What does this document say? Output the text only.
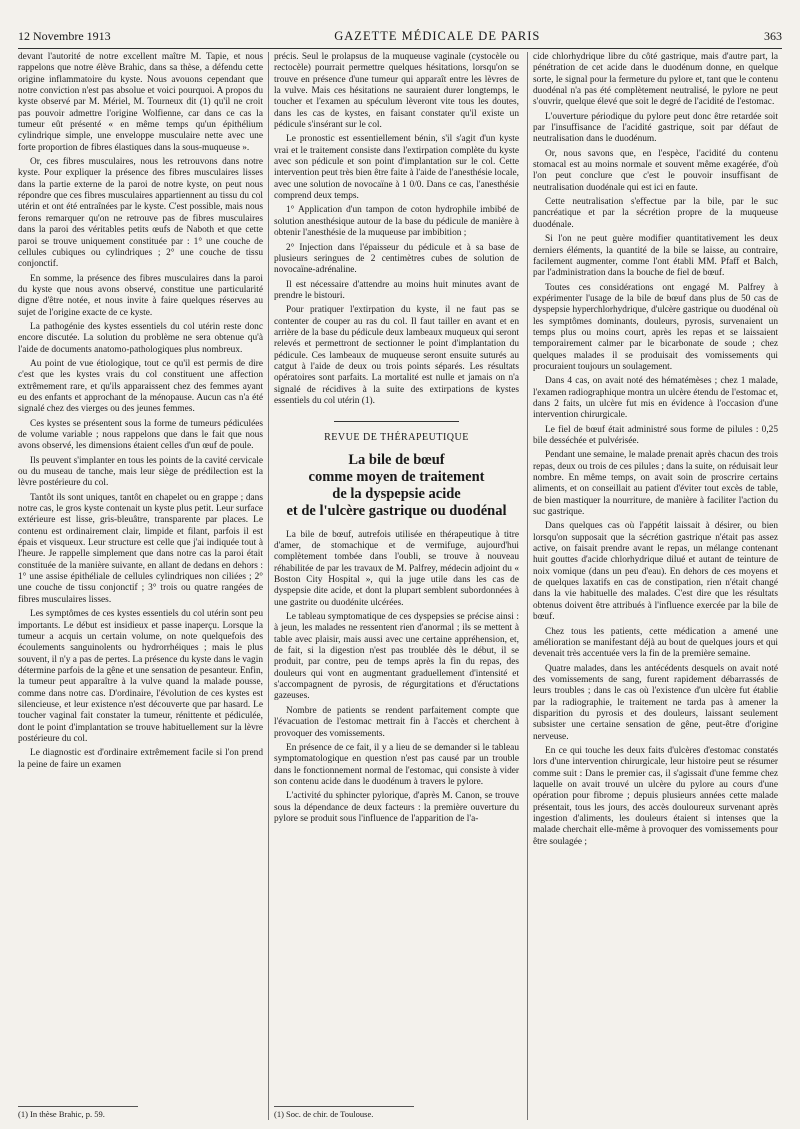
12 Novembre 1913	GAZETTE MÉDICALE DE PARIS	363

devant l'autorité de notre excellent maître M. Tapie, et nous rappelons que notre élève Brahic, dans sa thèse, a défendu cette origine inflammatoire du kyste. Nous avouons cependant que notre conviction n'est pas absolue et voici pourquoi. A propos du kyste observé par M. Mériel, M. Tourneux dit (1) qu'il ne croit pas pouvoir admettre l'origine Wolfienne, car dans ce cas la tumeur eût présenté « en même temps qu'un épithélium cylindrique simple, une enveloppe musculaire nette avec une forte proportion de fibres élastiques dans la sous-muqueuse ».

Or, ces fibres musculaires, nous les retrouvons dans notre kyste. Pour expliquer la présence des fibres musculaires lisses dans la partie externe de la paroi de notre kyste, on peut nous répondre que ces fibres musculaires appartiennent au tissu du col utérin et ont été entraînées par le kyste. C'est possible, mais nous ferons remarquer qu'on ne retrouve pas de fibres musculaires dans la paroi des véritables petits œufs de Naboth et que cette paroi se trouve uniquement constituée par : 1° une couche de cellules cubiques ou cylindriques ; 2° une couche de tissu conjonctif.

En somme, la présence des fibres musculaires dans la paroi du kyste que nous avons observé, constitue une particularité digne d'être notée, et nous invite à faire quelques réserves au sujet de l'origine exacte de ce kyste.

La pathogénie des kystes essentiels du col utérin reste donc encore discutée. La solution du problème ne sera obtenue qu'à l'aide de documents anatomo-pathologiques plus nombreux.

Au point de vue étiologique, tout ce qu'il est permis de dire c'est que les kystes vrais du col constituent une affection extrêmement rare, et qu'ils apparaissent chez des femmes ayant eu des enfants et approchant de la ménopause. Aucun cas n'a été signalé chez des vierges ou des jeunes femmes.

Ces kystes se présentent sous la forme de tumeurs pédiculées de volume variable ; nous rappelons que dans le fait que nous avons observé, les dimensions étaient celles d'un œuf de poule.

Ils peuvent s'implanter en tous les points de la cavité cervicale ou du museau de tanche, mais leur siège de prédilection est la lèvre postérieure du col.

Tantôt ils sont uniques, tantôt en chapelet ou en grappe ; dans notre cas, le gros kyste contenait un kyste plus petit. Leur surface extérieure est lisse, gris-bleuâtre, transparente par places. Le contenu est ordinairement clair, limpide et filant, parfois il est épais et visqueux. Leur structure est celle que j'ai indiquée tout à l'heure. Je rappelle simplement que dans notre cas la paroi était constituée de la manière suivante, en allant de dedans en dehors : 1° une assise épithéliale de cellules cylindriques non ciliées ; 2° une couche de tissu conjonctif ; 3° trois ou quatre rangées de fibres musculaires lisses.

Les symptômes de ces kystes essentiels du col utérin sont peu importants. Le début est insidieux et passe inaperçu. Lorsque la tumeur a acquis un certain volume, on note quelquefois des écoulements sanguinolents ou hydrorrhéiques ; mais le plus souvent, il n'y a pas de pertes. La présence du kyste dans le vagin détermine parfois de la gêne et une sensation de pesanteur. Enfin, la tumeur peut apparaître à la vulve quand la malade pousse, comme dans notre cas. D'ordinaire, l'évolution de ces kystes est silencieuse, et leur existence n'est découverte que par hasard. Le toucher vaginal fait constater la tumeur, rénittente et pédiculée, dont le point d'implantation se trouve habituellement sur la lèvre postérieure du col.

Le diagnostic est d'ordinaire extrêmement facile si l'on prend la peine de faire un examen

précis. Seul le prolapsus de la muqueuse vaginale (cystocèle ou rectocèle) pourrait permettre quelques hésitations, lorsqu'on se trouve en présence d'une tumeur qui apparaît entre les lèvres de la vulve. Mais ces hésitations ne sauraient durer longtemps, le toucher et l'examen au spéculum lèveront vite tous les doutes, dans les cas de kystes, en faisant constater qu'il existe un pédicule s'insérant sur le col.

Le pronostic est essentiellement bénin, s'il s'agit d'un kyste vrai et le traitement consiste dans l'extirpation complète du kyste avec son pédicule et son point d'implantation sur le col. Cette intervention peut très bien être faite à l'aide de l'anesthésie locale, avec une solution de novocaïne à 1 0/0. Dans ce cas, l'anesthésie comprend deux temps.

1° Application d'un tampon de coton hydrophile imbibé de solution anesthésique autour de la base du pédicule de manière à obtenir l'anesthésie de la muqueuse par imbibition ;

2° Injection dans l'épaisseur du pédicule et à sa base de plusieurs seringues de 2 centimètres cubes de solution de novocaïne-adrénaline.

Il est nécessaire d'attendre au moins huit minutes avant de prendre le bistouri.

Pour pratiquer l'extirpation du kyste, il ne faut pas se contenter de couper au ras du col. Il faut tailler en avant et en arrière de la base du pédicule deux lambeaux muqueux qui seront relevés et permettront de sectionner le point d'implantation du pédicule. Ces lambeaux de muqueuse seront ensuite suturés au catgut à l'aide de deux ou trois points séparés. Les résultats opératoires sont parfaits. La mortalité est nulle et jamais on n'a signalé de récidives à la suite des extirpations de kystes essentiels du col utérin (1).

REVUE DE THÉRAPEUTIQUE
La bile de bœuf
comme moyen de traitement
de la dyspepsie acide
et de l'ulcère gastrique ou duodénal

La bile de bœuf, autrefois utilisée en thérapeutique à titre d'amer, de stomachique et de vermifuge, aujourd'hui complètement tombée dans l'oubli, se trouve à nouveau réhabilitée de par les travaux de M. Palfrey, médecin adjoint du « Boston City Hospital », qui la juge utile dans les cas de dyspepsie dite acide, et dont la plupart semblent subordonnées à une gastrite ou duodénite ulcérées.

Le tableau symptomatique de ces dyspepsies se précise ainsi : à jeun, les malades ne ressentent rien d'anormal ; ils se mettent à table avec plaisir, mais aussi avec une certaine appréhension, et, de fait, si la digestion n'est pas troublée dès le début, il se produit, par contre, peu de temps après la fin du repas, des douleurs qui vont en augmentant graduellement d'intensité et s'accompagnent de pyrosis, de régurgitations et d'éructations gazeuses.

Nombre de patients se rendent parfaitement compte que l'évacuation de l'estomac mettrait fin à l'accès et cherchent à provoquer des vomissements.

En présence de ce fait, il y a lieu de se demander si le tableau symptomatologique en question n'est pas causé par un trouble dans le fonctionnement normal de l'estomac, qui consiste à vider son contenu acide dans le duodénum à travers le pylore.

L'activité du sphincter pylorique, d'après M. Canon, se trouve sous la dépendance de deux facteurs : la première ouverture du pylore se produit sous l'influence de l'apparition de l'a-

cide chlorhydrique libre du côté gastrique, mais d'autre part, la pénétration de cet acide dans le duodénum donne, en quelque sorte, le signal pour la fermeture du pylore et, tant que le contenu duodénal n'a pas été complètement neutralisé, le pylore ne peut s'ouvrir, quelque élevé que soit le degré de l'acidité de l'estomac.

L'ouverture périodique du pylore peut donc être retardée soit par l'insuffisance de l'acidité gastrique, soit par défaut de neutralisation dans le duodénum.

Or, nous savons que, en l'espèce, l'acidité du contenu stomacal est au moins normale et souvent même exagérée, d'où l'on peut conclure que c'est le pouvoir insuffisant de neutralisation duodénale qui est ici en faute.

Cette neutralisation s'effectue par la bile, par le suc pancréatique et par la sécrétion propre de la muqueuse duodénale.

Si l'on ne peut guère modifier quantitativement les deux derniers éléments, la quantité de la bile se laisse, au contraire, facilement augmenter, comme l'ont établi MM. Pfaff et Balch, par l'administration dans la bouche de fiel de bœuf.

Toutes ces considérations ont engagé M. Palfrey à expérimenter l'usage de la bile de bœuf dans plus de 50 cas de dyspepsie hyperchlorhydrique, d'ulcère gastrique ou duodénal où les symptômes dominants, douleurs, pyrosis, survenaient un temps plus ou moins court, après les repas et se laissaient temporairement calmer par le bicarbonate de soude ; chez quelques malades il se produisait des vomissements qui procuraient toujours un soulagement.

Dans 4 cas, on avait noté des hématémèses ; chez 1 malade, l'examen radiographique montra un ulcère étendu de l'estomac et, dans 2 faits, un ulcère fut mis en évidence à l'occasion d'une intervention chirurgicale.

Le fiel de bœuf était administré sous forme de pilules : 0,25 bile desséchée et pulvérisée.

Pendant une semaine, le malade prenait après chacun des trois repas, deux ou trois de ces pilules ; dans la suite, on réduisait leur nombre. En même temps, on avait soin de proscrire certains aliments, et on conseillait au patient d'éviter tout excès de table, de bien mastiquer la nourriture, de manière à faciliter l'action du suc gastrique.

Dans quelques cas où l'appétit laissait à désirer, ou bien lorsqu'on supposait que la sécrétion gastrique n'était pas assez active, on faisait prendre avant le repas, un mélange contenant huit gouttes d'acide chlorhydrique dilué et autant de teinture de noix vomique (dans un peu d'eau). En dehors de ces moyens et de quelques laxatifs en cas de constipation, rien n'était changé dans la vie habituelle des malades. C'est dire que les résultats obtenus doivent être attribués à l'influence exercée par la bile de bœuf.

Chez tous les patients, cette médication a amené une amélioration se manifestant déjà au bout de quelques jours et qui devenait très accentuée vers la fin de la première semaine.

Quatre malades, dans les antécédents desquels on avait noté des vomissements de sang, furent rapidement débarrassés de leurs troubles ; dans le cas où l'existence d'un ulcère fut établie par la radiographie, le traitement ne tarda pas à amener la disparition du pyrosis et des douleurs, laissant seulement subsister une certaine sensation de gêne, peut-être d'origine nerveuse.

En ce qui touche les deux faits d'ulcères d'estomac constatés lors d'une intervention chirurgicale, leur histoire peut se résumer comme suit : Dans le premier cas, il s'agissait d'une femme chez laquelle on avait trouvé un ulcère du pylore au cours d'une opération pour fibrome ; depuis plusieurs années cette malade présentait, tous les jours, des accès douloureux survenant après ingestion d'aliments, les douleurs étaient si intenses que la malade cherchait elle-même à provoquer des vomissements pour être soulagée ;

(1) In thèse Brahic, p. 59.	(1) Soc. de chir. de Toulouse.
